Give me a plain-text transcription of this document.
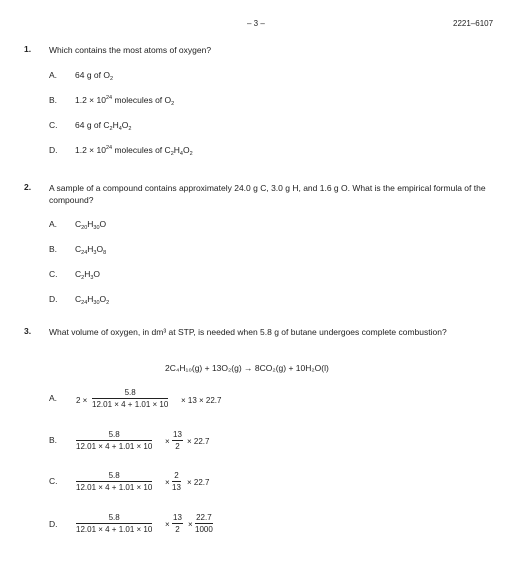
– 3 –	2221–6107
1. Which contains the most atoms of oxygen?
A. 64 g of $O_2$
B. $1.2 \times 10^{24}$ molecules of $O_2$
C. 64 g of $C_2H_4O_2$
D. $1.2 \times 10^{24}$ molecules of $C_2H_4O_2$
2. A sample of a compound contains approximately 24.0 g C, 3.0 g H, and 1.6 g O. What is the empirical formula of the compound?
A. $C_{20}H_{30}O$
B. $C_{24}H_3O_8$
C. $C_2H_3O$
D. $C_{24}H_{30}O_2$
3. What volume of oxygen, in dm³ at STP, is needed when 5.8 g of butane undergoes complete combustion?
2C₄H₁₀(g) + 13O₂(g) → 8CO₂(g) + 10H₂O(l)
A. $2 \times \frac{5.8}{12.01 \times 4 + 1.01 \times 10} \times 13 \times 22.7$
B. $\frac{5.8}{12.01 \times 4 + 1.01 \times 10} \times \frac{13}{2} \times 22.7$
C. $\frac{5.8}{12.01 \times 4 + 1.01 \times 10} \times \frac{2}{13} \times 22.7$
D. $\frac{5.8}{12.01 \times 4 + 1.01 \times 10} \times \frac{13}{2} \times \frac{22.7}{1000}$
